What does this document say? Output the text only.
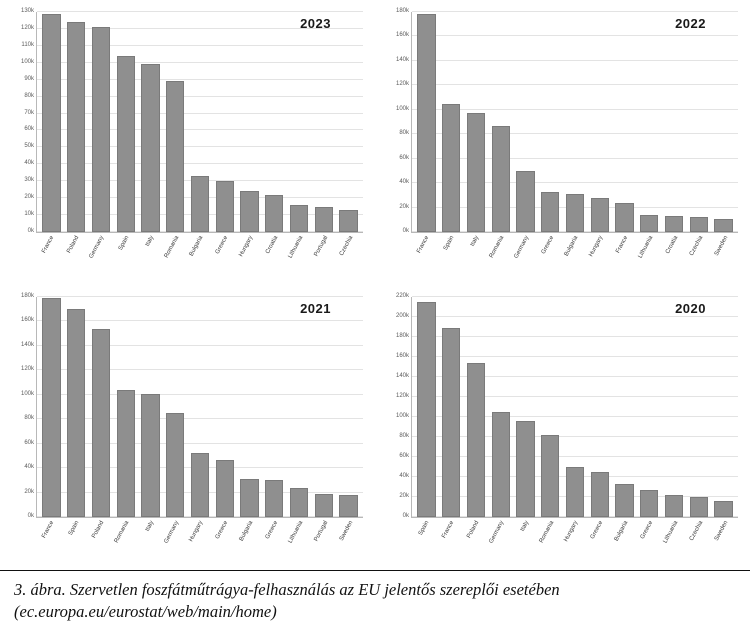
2023
0k
10k
20k
30k
40k
50k
60k
70k
80k
90k
100k
110k
120k
130k
France Poland Germany Spain Italy Romania Bulgaria Greece Hungary Croatia Lithuania Portugal Czechia
2022
0k
20k
40k
60k
80k
100k
120k
140k
160k
180k
France Spain Italy Romania Germany Greece Bulgaria Hungary France Lithuania Croatia Czechia Sweden
2021
0k
20k
40k
60k
80k
100k
120k
140k
160k
180k
France Spain Poland Romania Italy Germany Hungary Greece Bulgaria Greece Lithuania Portugal Sweden
2020
0k
20k
40k
60k
80k
100k
120k
140k
160k
180k
200k
220k
Spain France Poland Germany Italy Romania Hungary Greece Bulgaria Greece Lithuania Czechia Sweden
3. ábra. Szervetlen foszfátműtrágya-felhasználás az EU jelentős szereplői esetében
(ec.europa.eu/eurostat/web/main/home)
